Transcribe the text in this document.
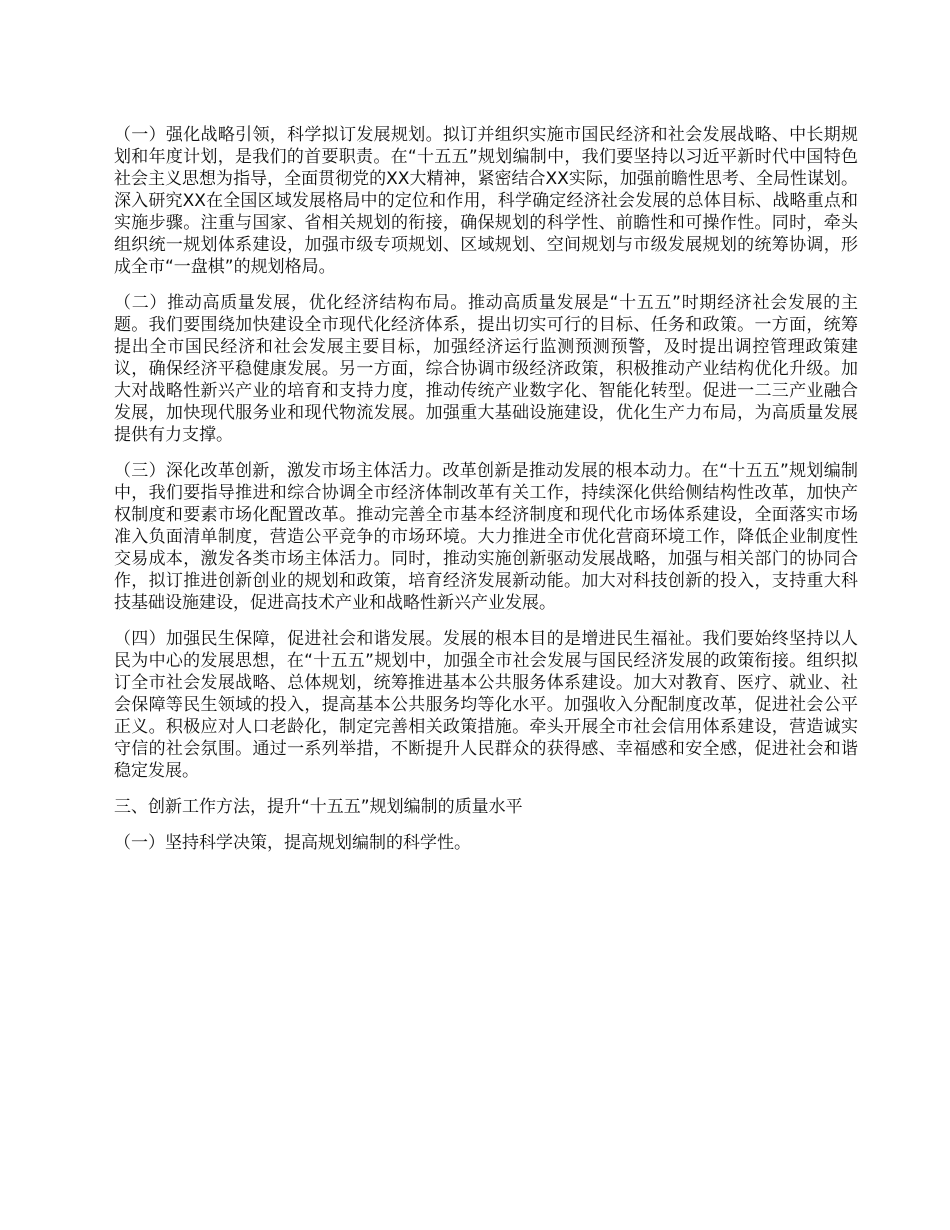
（一）强化战略引领，科学拟订发展规划。拟订并组织实施市国民经济和社会发展战略、中长期规划和年度计划，是我们的首要职责。在“十五五”规划编制中，我们要坚持以习近平新时代中国特色社会主义思想为指导，全面贯彻党的XX大精神，紧密结合XX实际，加强前瞻性思考、全局性谋划。深入研究XX在全国区域发展格局中的定位和作用，科学确定经济社会发展的总体目标、战略重点和实施步骤。注重与国家、省相关规划的衔接，确保规划的科学性、前瞻性和可操作性。同时，牵头组织统一规划体系建设，加强市级专项规划、区域规划、空间规划与市级发展规划的统筹协调，形成全市“一盘棋”的规划格局。

（二）推动高质量发展，优化经济结构布局。推动高质量发展是“十五五”时期经济社会发展的主题。我们要围绕加快建设全市现代化经济体系，提出切实可行的目标、任务和政策。一方面，统筹提出全市国民经济和社会发展主要目标，加强经济运行监测预测预警，及时提出调控管理政策建议，确保经济平稳健康发展。另一方面，综合协调市级经济政策，积极推动产业结构优化升级。加大对战略性新兴产业的培育和支持力度，推动传统产业数字化、智能化转型。促进一二三产业融合发展，加快现代服务业和现代物流发展。加强重大基础设施建设，优化生产力布局，为高质量发展提供有力支撑。

（三）深化改革创新，激发市场主体活力。改革创新是推动发展的根本动力。在“十五五”规划编制中，我们要指导推进和综合协调全市经济体制改革有关工作，持续深化供给侧结构性改革，加快产权制度和要素市场化配置改革。推动完善全市基本经济制度和现代化市场体系建设，全面落实市场准入负面清单制度，营造公平竞争的市场环境。大力推进全市优化营商环境工作，降低企业制度性交易成本，激发各类市场主体活力。同时，推动实施创新驱动发展战略，加强与相关部门的协同合作，拟订推进创新创业的规划和政策，培育经济发展新动能。加大对科技创新的投入，支持重大科技基础设施建设，促进高技术产业和战略性新兴产业发展。

（四）加强民生保障，促进社会和谐发展。发展的根本目的是增进民生福祉。我们要始终坚持以人民为中心的发展思想，在“十五五”规划中，加强全市社会发展与国民经济发展的政策衔接。组织拟订全市社会发展战略、总体规划，统筹推进基本公共服务体系建设。加大对教育、医疗、就业、社会保障等民生领域的投入，提高基本公共服务均等化水平。加强收入分配制度改革，促进社会公平正义。积极应对人口老龄化，制定完善相关政策措施。牵头开展全市社会信用体系建设，营造诚实守信的社会氛围。通过一系列举措，不断提升人民群众的获得感、幸福感和安全感，促进社会和谐稳定发展。

三、创新工作方法，提升“十五五”规划编制的质量水平

（一）坚持科学决策，提高规划编制的科学性。
